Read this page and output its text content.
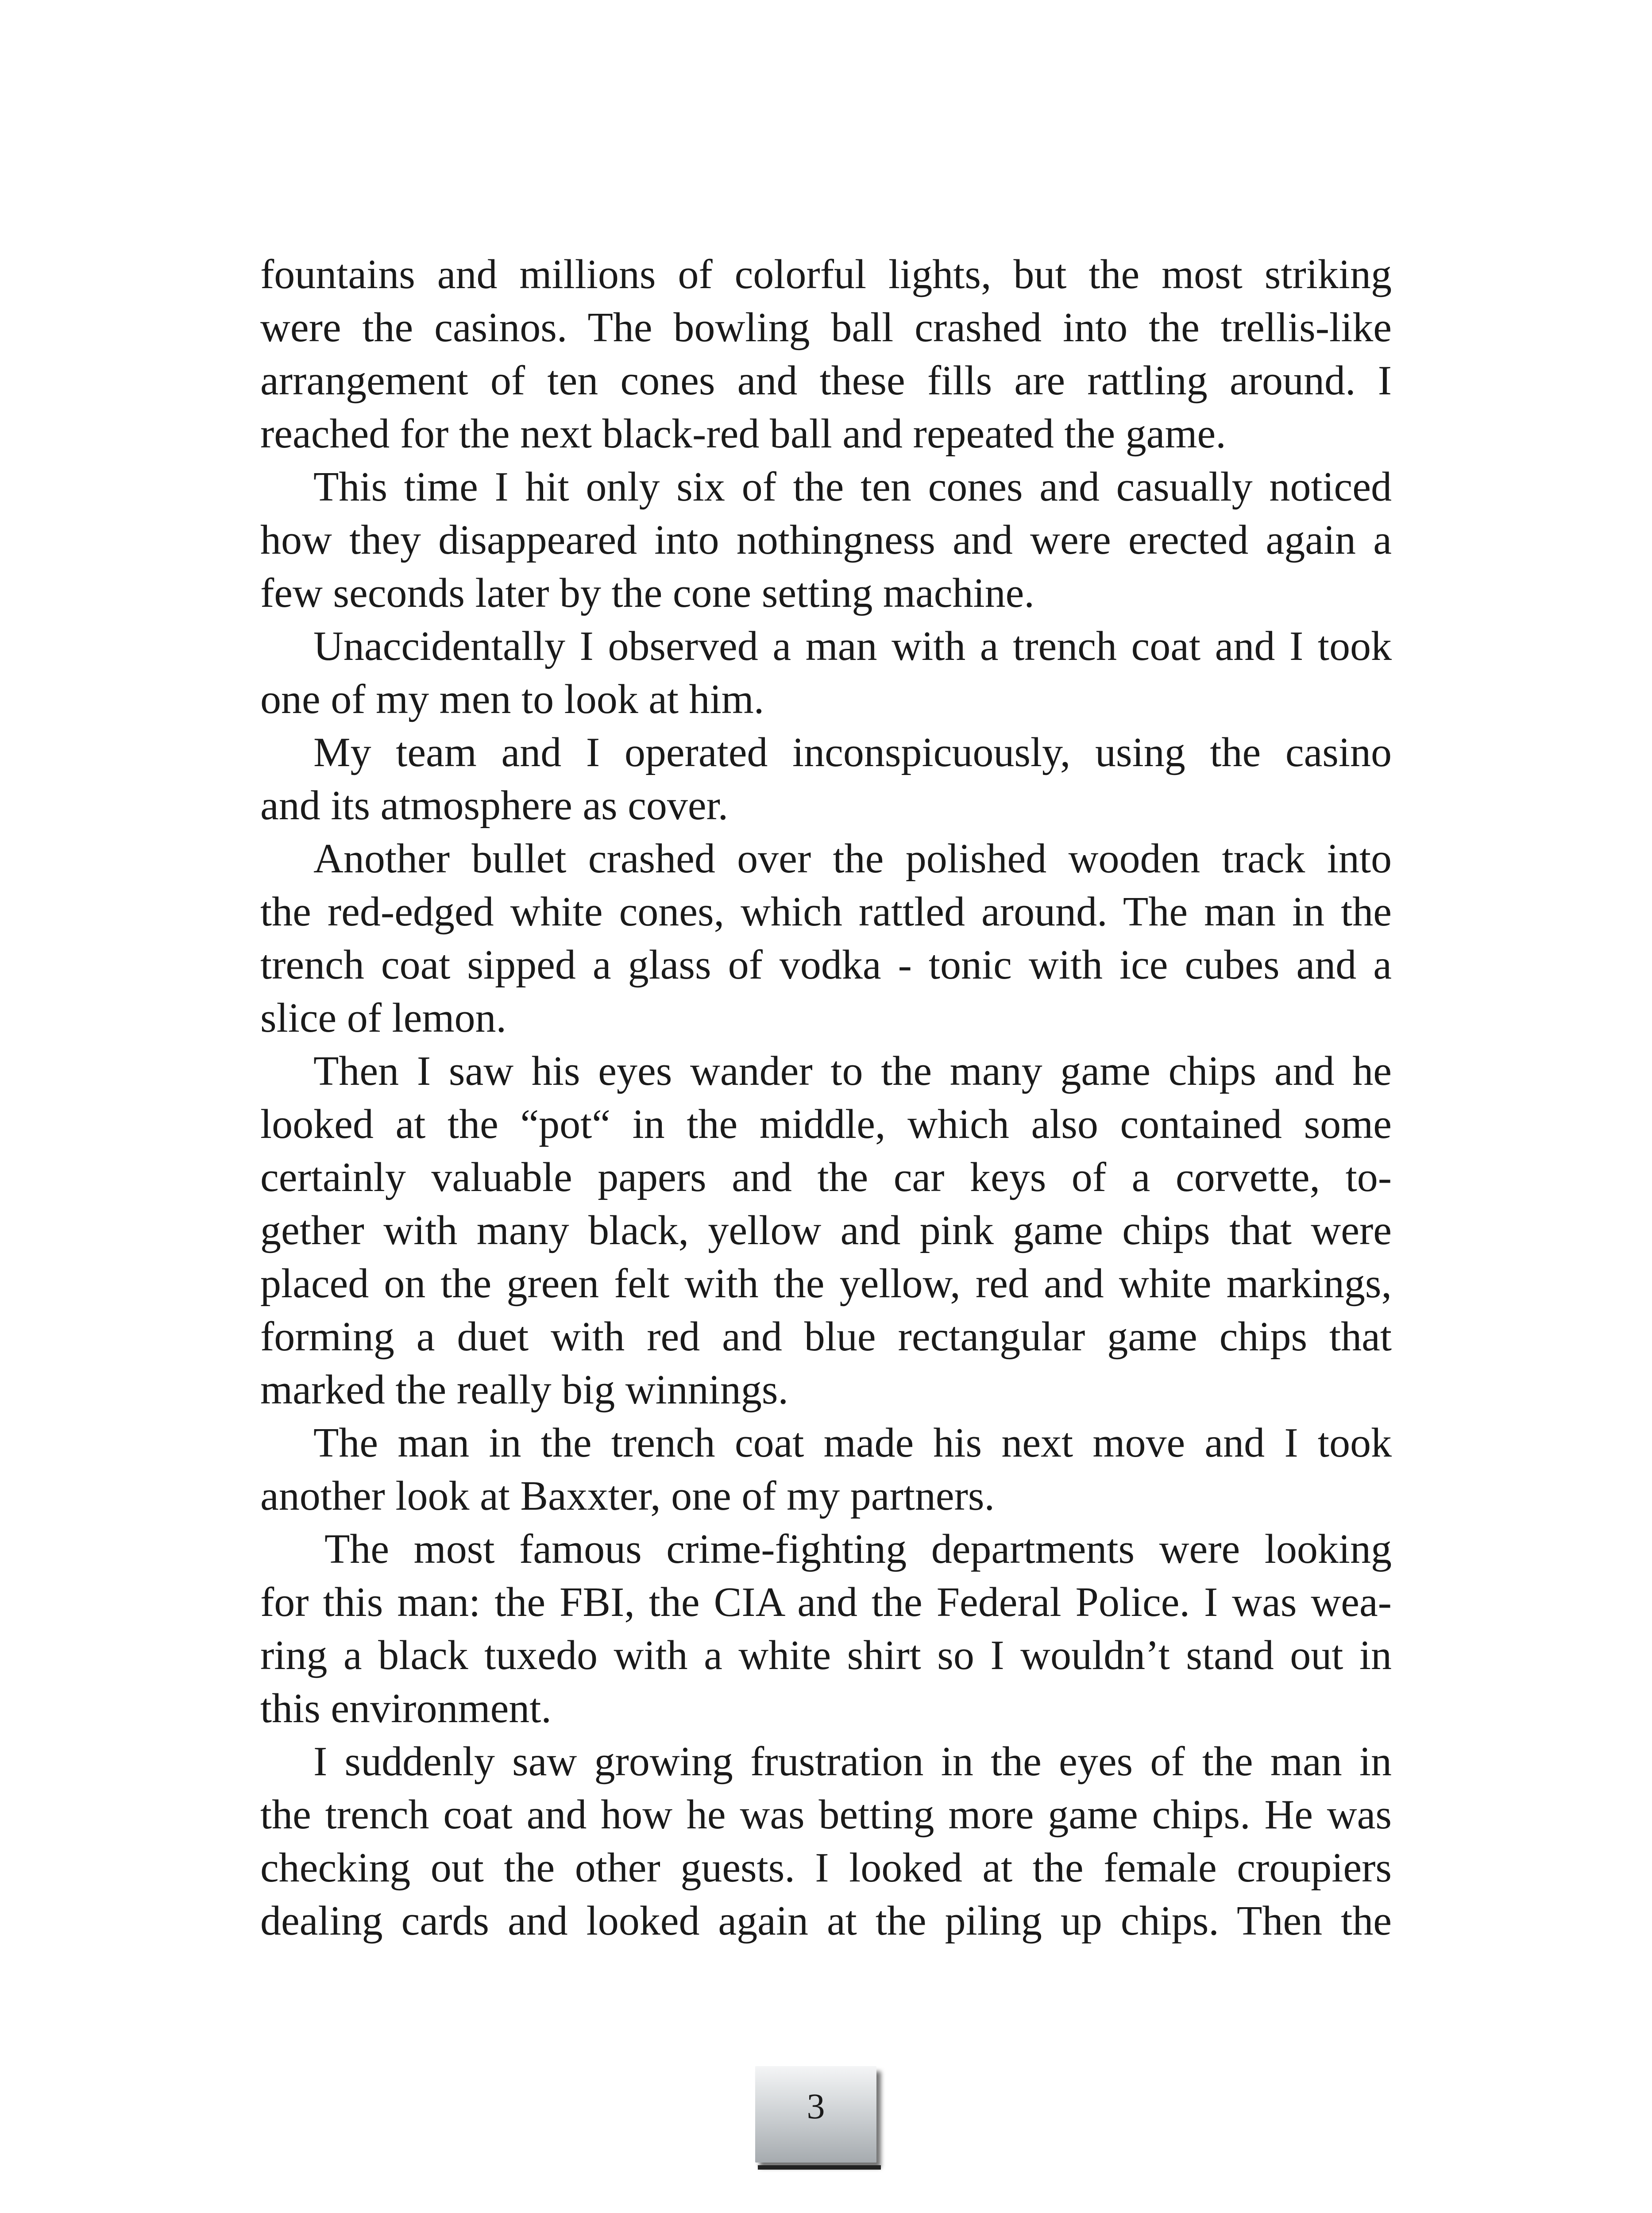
fountains and millions of colorful lights, but the most striking
were the casinos. The bowling ball crashed into the trellis-like
arrangement of ten cones and these fills are rattling around. I
reached for the next black-red ball and repeated the game.
This time I hit only six of the ten cones and casually noticed
how they disappeared into nothingness and were erected again a
few seconds later by the cone setting machine.
Unaccidentally I observed a man with a trench coat and I took
one of my men to look at him.
My team and I operated inconspicuously, using the casino
and its atmosphere as cover.
Another bullet crashed over the polished wooden track into
the red-edged white cones, which rattled around. The man in the
trench coat sipped a glass of vodka - tonic with ice cubes and a
slice of lemon.
Then I saw his eyes wander to the many game chips and he
looked at the “pot“ in the middle, which also contained some
certainly valuable papers and the car keys of a corvette, to-
gether with many black, yellow and pink game chips that were
placed on the green felt with the yellow, red and white markings,
forming a duet with red and blue rectangular game chips that
marked the really big winnings.
The man in the trench coat made his next move and I took
another look at Baxxter, one of my partners.
The most famous crime-fighting departments were looking
for this man: the FBI, the CIA and the Federal Police. I was wea-
ring a black tuxedo with a white shirt so I wouldn’t stand out in
this environment.
I suddenly saw growing frustration in the eyes of the man in
the trench coat and how he was betting more game chips. He was
checking out the other guests. I looked at the female croupiers
dealing cards and looked again at the piling up chips. Then the
3
